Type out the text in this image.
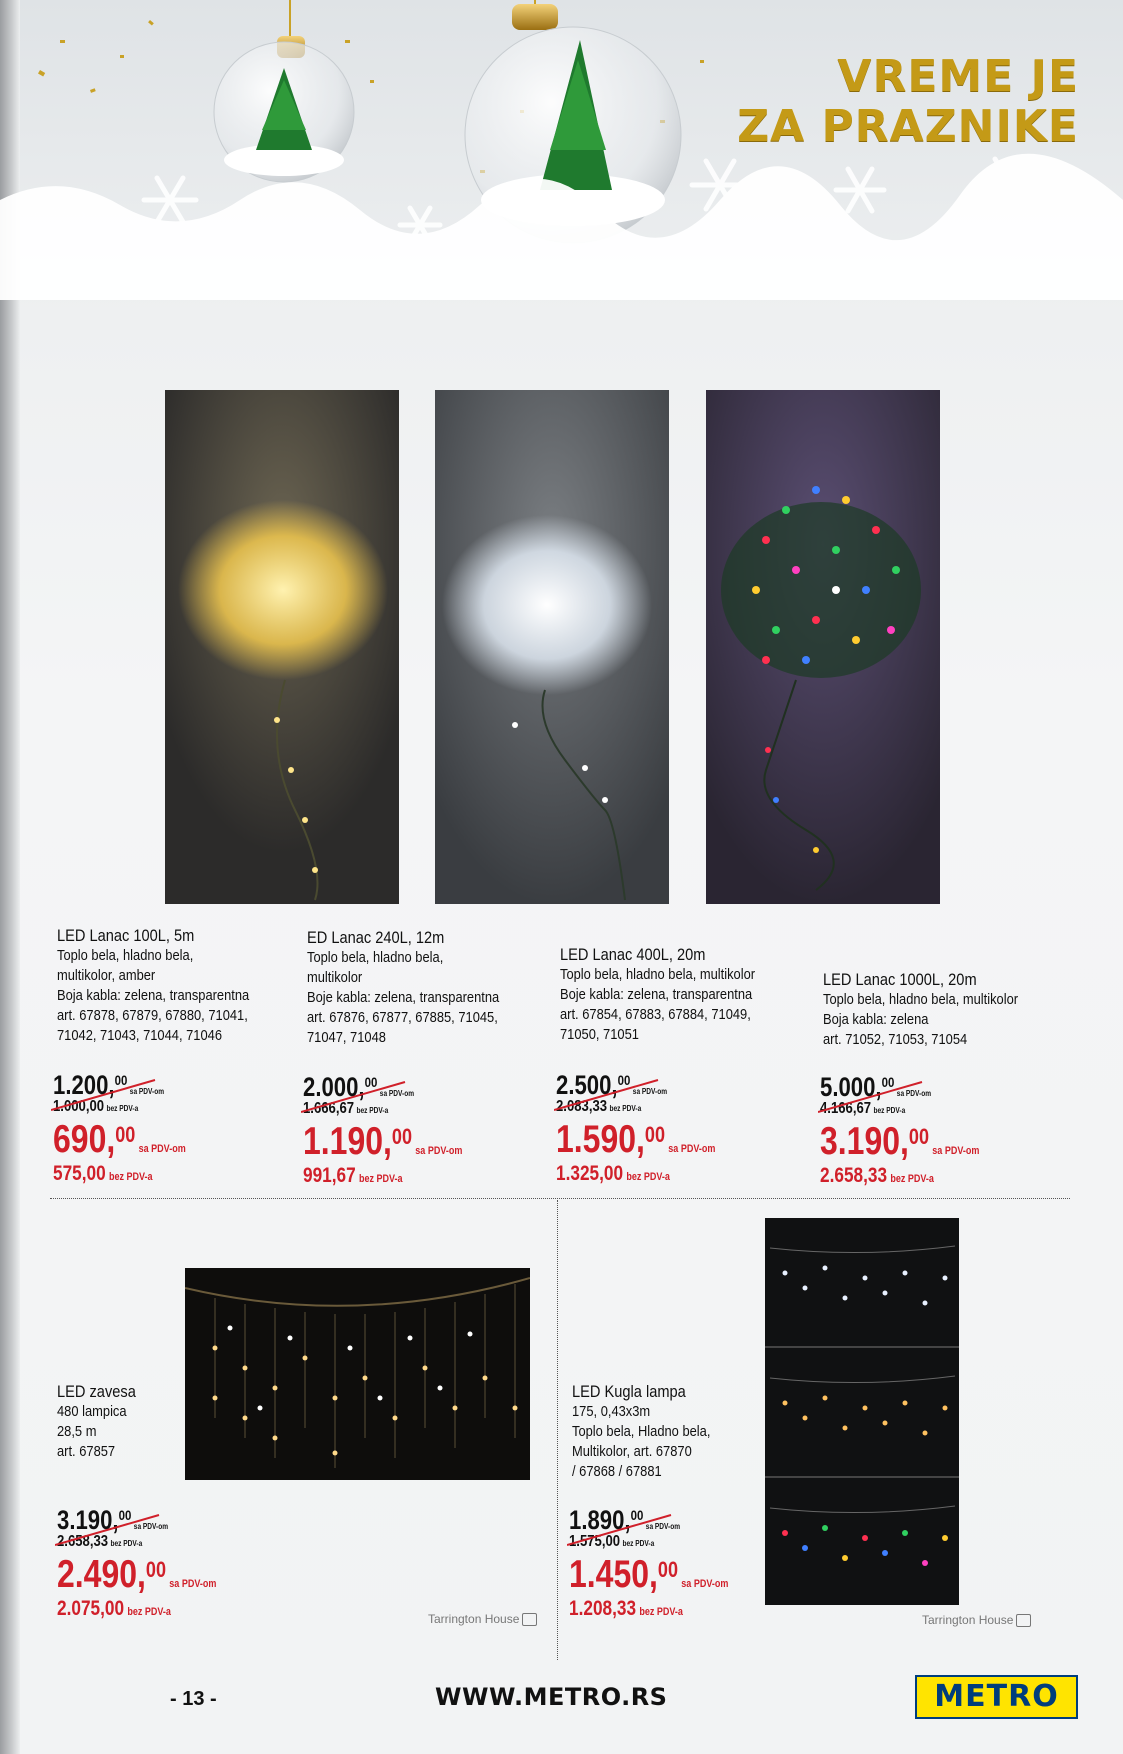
VREME JE
ZA PRAZNIKE
LED Lanac 100L, 5m
Toplo bela, hladno bela,
multikolor, amber
Boja kabla: zelena, transparentna
art. 67878, 67879, 67880, 71041,
71042, 71043, 71044, 71046
ED Lanac 240L, 12m
Toplo bela, hladno bela,
multikolor
Boje kabla: zelena, transparentna
art. 67876, 67877, 67885, 71045,
71047, 71048
LED Lanac 400L, 20m
Toplo bela, hladno bela, multikolor
Boje kabla: zelena, transparentna
art. 67854, 67883, 67884, 71049,
71050, 71051
LED Lanac 1000L, 20m
Toplo bela, hladno bela, multikolor
Boja kabla: zelena
art. 71052, 71053, 71054
1.200,00sa PDV-om
1.000,00 bez PDV-a
690,00sa PDV-om
575,00 bez PDV-a
2.000,00sa PDV-om
1.666,67 bez PDV-a
1.190,00sa PDV-om
991,67 bez PDV-a
2.500,00sa PDV-om
2.083,33 bez PDV-a
1.590,00sa PDV-om
1.325,00 bez PDV-a
5.000,00sa PDV-om
4.166,67 bez PDV-a
3.190,00sa PDV-om
2.658,33 bez PDV-a
LED zavesa
480 lampica
28,5 m
art. 67857
LED Kugla lampa
175, 0,43x3m
Toplo bela, Hladno bela,
Multikolor, art. 67870
/ 67868 / 67881
3.190,00sa PDV-om
2.658,33 bez PDV-a
2.490,00sa PDV-om
2.075,00 bez PDV-a
1.890,00sa PDV-om
1.575,00 bez PDV-a
1.450,00sa PDV-om
1.208,33 bez PDV-a
Tarrington House	Tarrington House
- 13 -	WWW.METRO.RS	METRO
